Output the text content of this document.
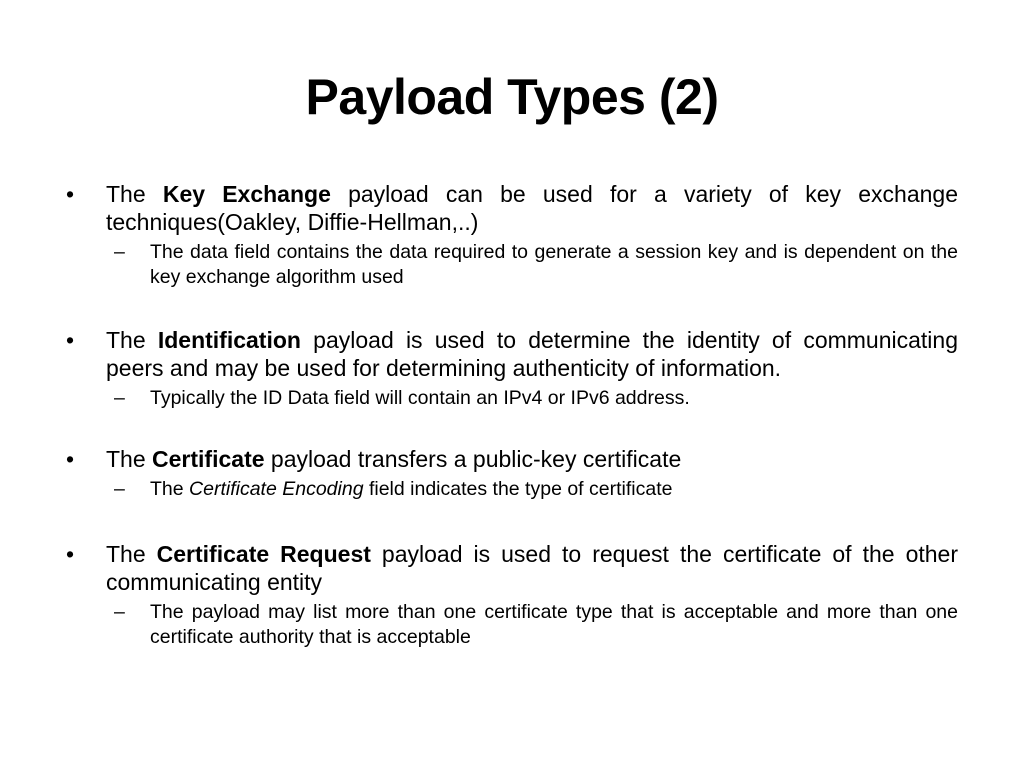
Payload Types (2)
•	The Key Exchange payload can be used for a variety of key exchange techniques(Oakley, Diffie-Hellman,..)
– The data field contains the data required to generate a session key and is dependent on the key exchange algorithm used
•	The Identification payload is used to determine the identity of communicating peers and may be used for determining authenticity of information.
– Typically the ID Data field will contain an IPv4 or IPv6 address.
•	The Certificate payload transfers a public-key certificate
– The Certificate Encoding field indicates the type of certificate
•	The Certificate Request payload is used to request the certificate of the other communicating entity
– The payload may list more than one certificate type that is acceptable and more than one certificate authority that is acceptable
